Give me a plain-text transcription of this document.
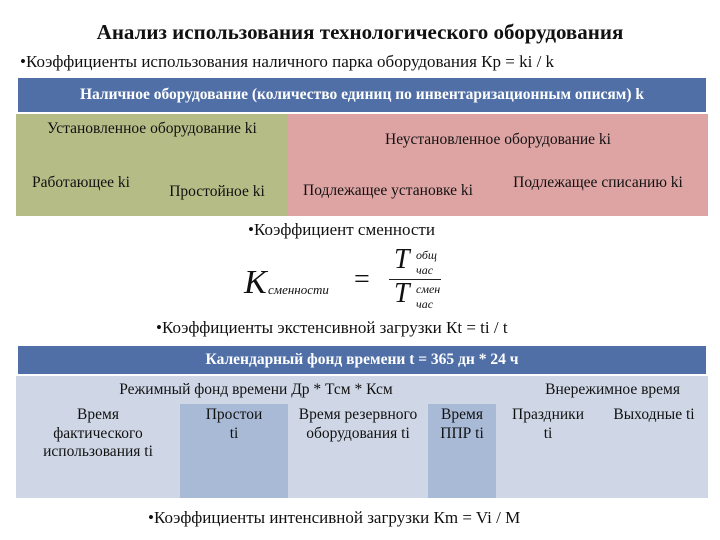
Анализ использования технологического оборудования
•Коэффициенты использования наличного парка оборудования Кр = ki / k
Наличное оборудование (количество единиц по инвентаризационным описям) k
Установленное оборудование ki
Неустановленное оборудование ki
Работающее ki
Простойное ki	Подлежащее установке ki	Подлежащее списанию ki
•Коэффициент сменности
К сменности =
Т общ
час
Т смен
час
•Коэффициенты экстенсивной загрузки Кt = ti / t
Календарный фонд времени t = 365 дн * 24 ч
Режимный фонд времени Др * Тсм * Ксм	Внережимное время
Время фактического использования ti
Простои ti
Время резервного оборудования ti
Время ППР ti
Праздники ti
Выходные ti
•Коэффициенты интенсивной загрузки Кm = Vi / M
